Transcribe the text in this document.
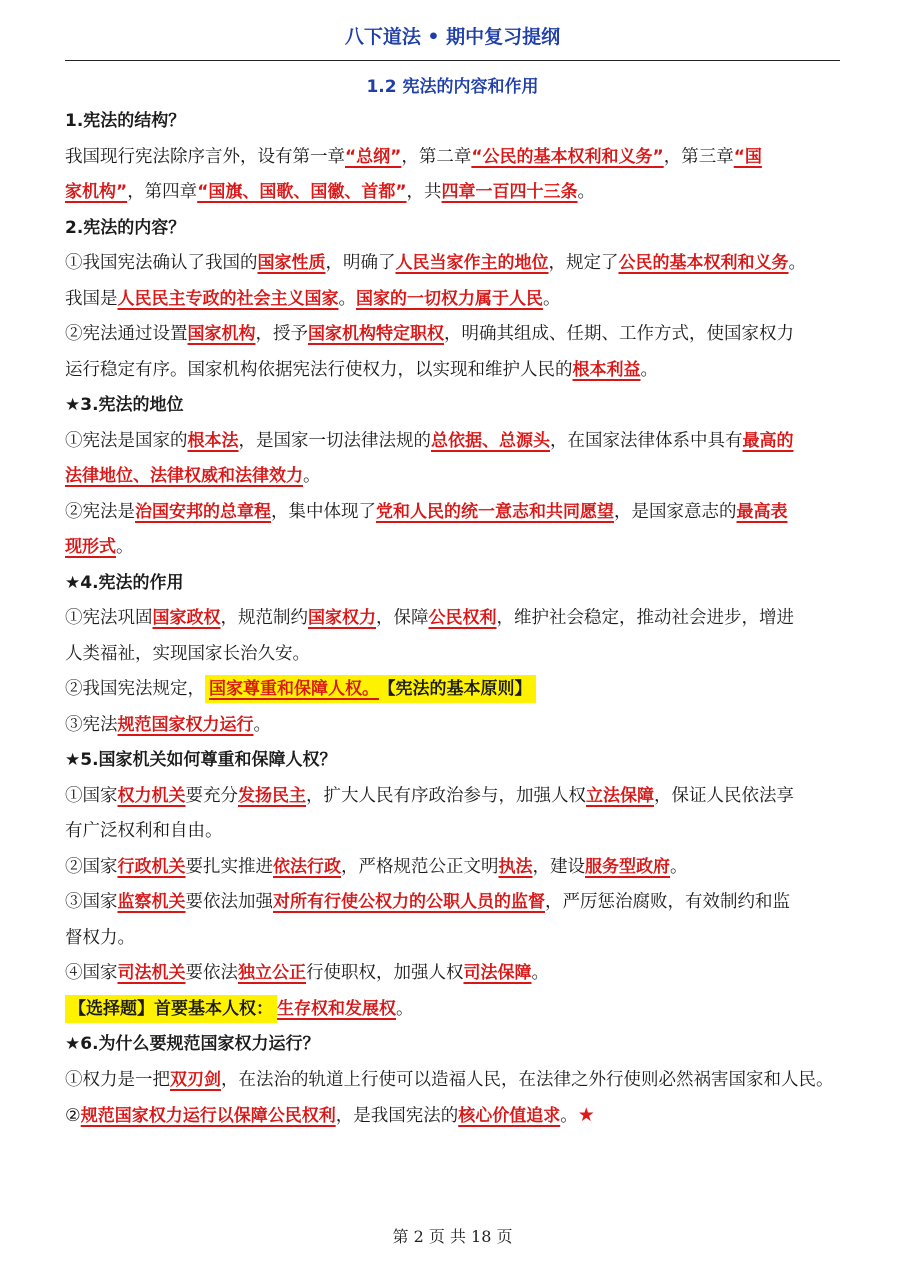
八下道法 • 期中复习提纲
1.2 宪法的内容和作用
1.宪法的结构？
我国现行宪法除序言外，设有第一章“总纲”，第二章“公民的基本权利和义务”，第三章“国
家机构”，第四章“国旗、国歌、国徽、首都”，共四章一百四十三条。
2.宪法的内容？
①我国宪法确认了我国的国家性质，明确了人民当家作主的地位，规定了公民的基本权利和义务。
我国是人民民主专政的社会主义国家。国家的一切权力属于人民。
②宪法通过设置国家机构，授予国家机构特定职权，明确其组成、任期、工作方式，使国家权力
运行稳定有序。国家机构依据宪法行使权力，以实现和维护人民的根本利益。
★3.宪法的地位
①宪法是国家的根本法，是国家一切法律法规的总依据、总源头，在国家法律体系中具有最高的
法律地位、法律权威和法律效力。
②宪法是治国安邦的总章程，集中体现了党和人民的统一意志和共同愿望，是国家意志的最高表
现形式。
★4.宪法的作用
①宪法巩固国家政权，规范制约国家权力，保障公民权利，维护社会稳定，推动社会进步，增进
人类福祉，实现国家长治久安。
②我国宪法规定， 国家尊重和保障人权。 【宪法的基本原则】
③宪法规范国家权力运行。
★5.国家机关如何尊重和保障人权？
①国家权力机关要充分发扬民主，扩大人民有序政治参与，加强人权立法保障，保证人民依法享
有广泛权利和自由。
②国家行政机关要扎实推进依法行政，严格规范公正文明执法，建设服务型政府。
③国家监察机关要依法加强对所有行使公权力的公职人员的监督，严厉惩治腐败，有效制约和监
督权力。
④国家司法机关要依法独立公正行使职权，加强人权司法保障。
【选择题】首要基本人权： 生存权和发展权。
★6.为什么要规范国家权力运行？
①权力是一把双刃剑，在法治的轨道上行使可以造福人民，在法律之外行使则必然祸害国家和人民。
②规范国家权力运行以保障公民权利，是我国宪法的核心价值追求。★
第 2 页 共 18 页
